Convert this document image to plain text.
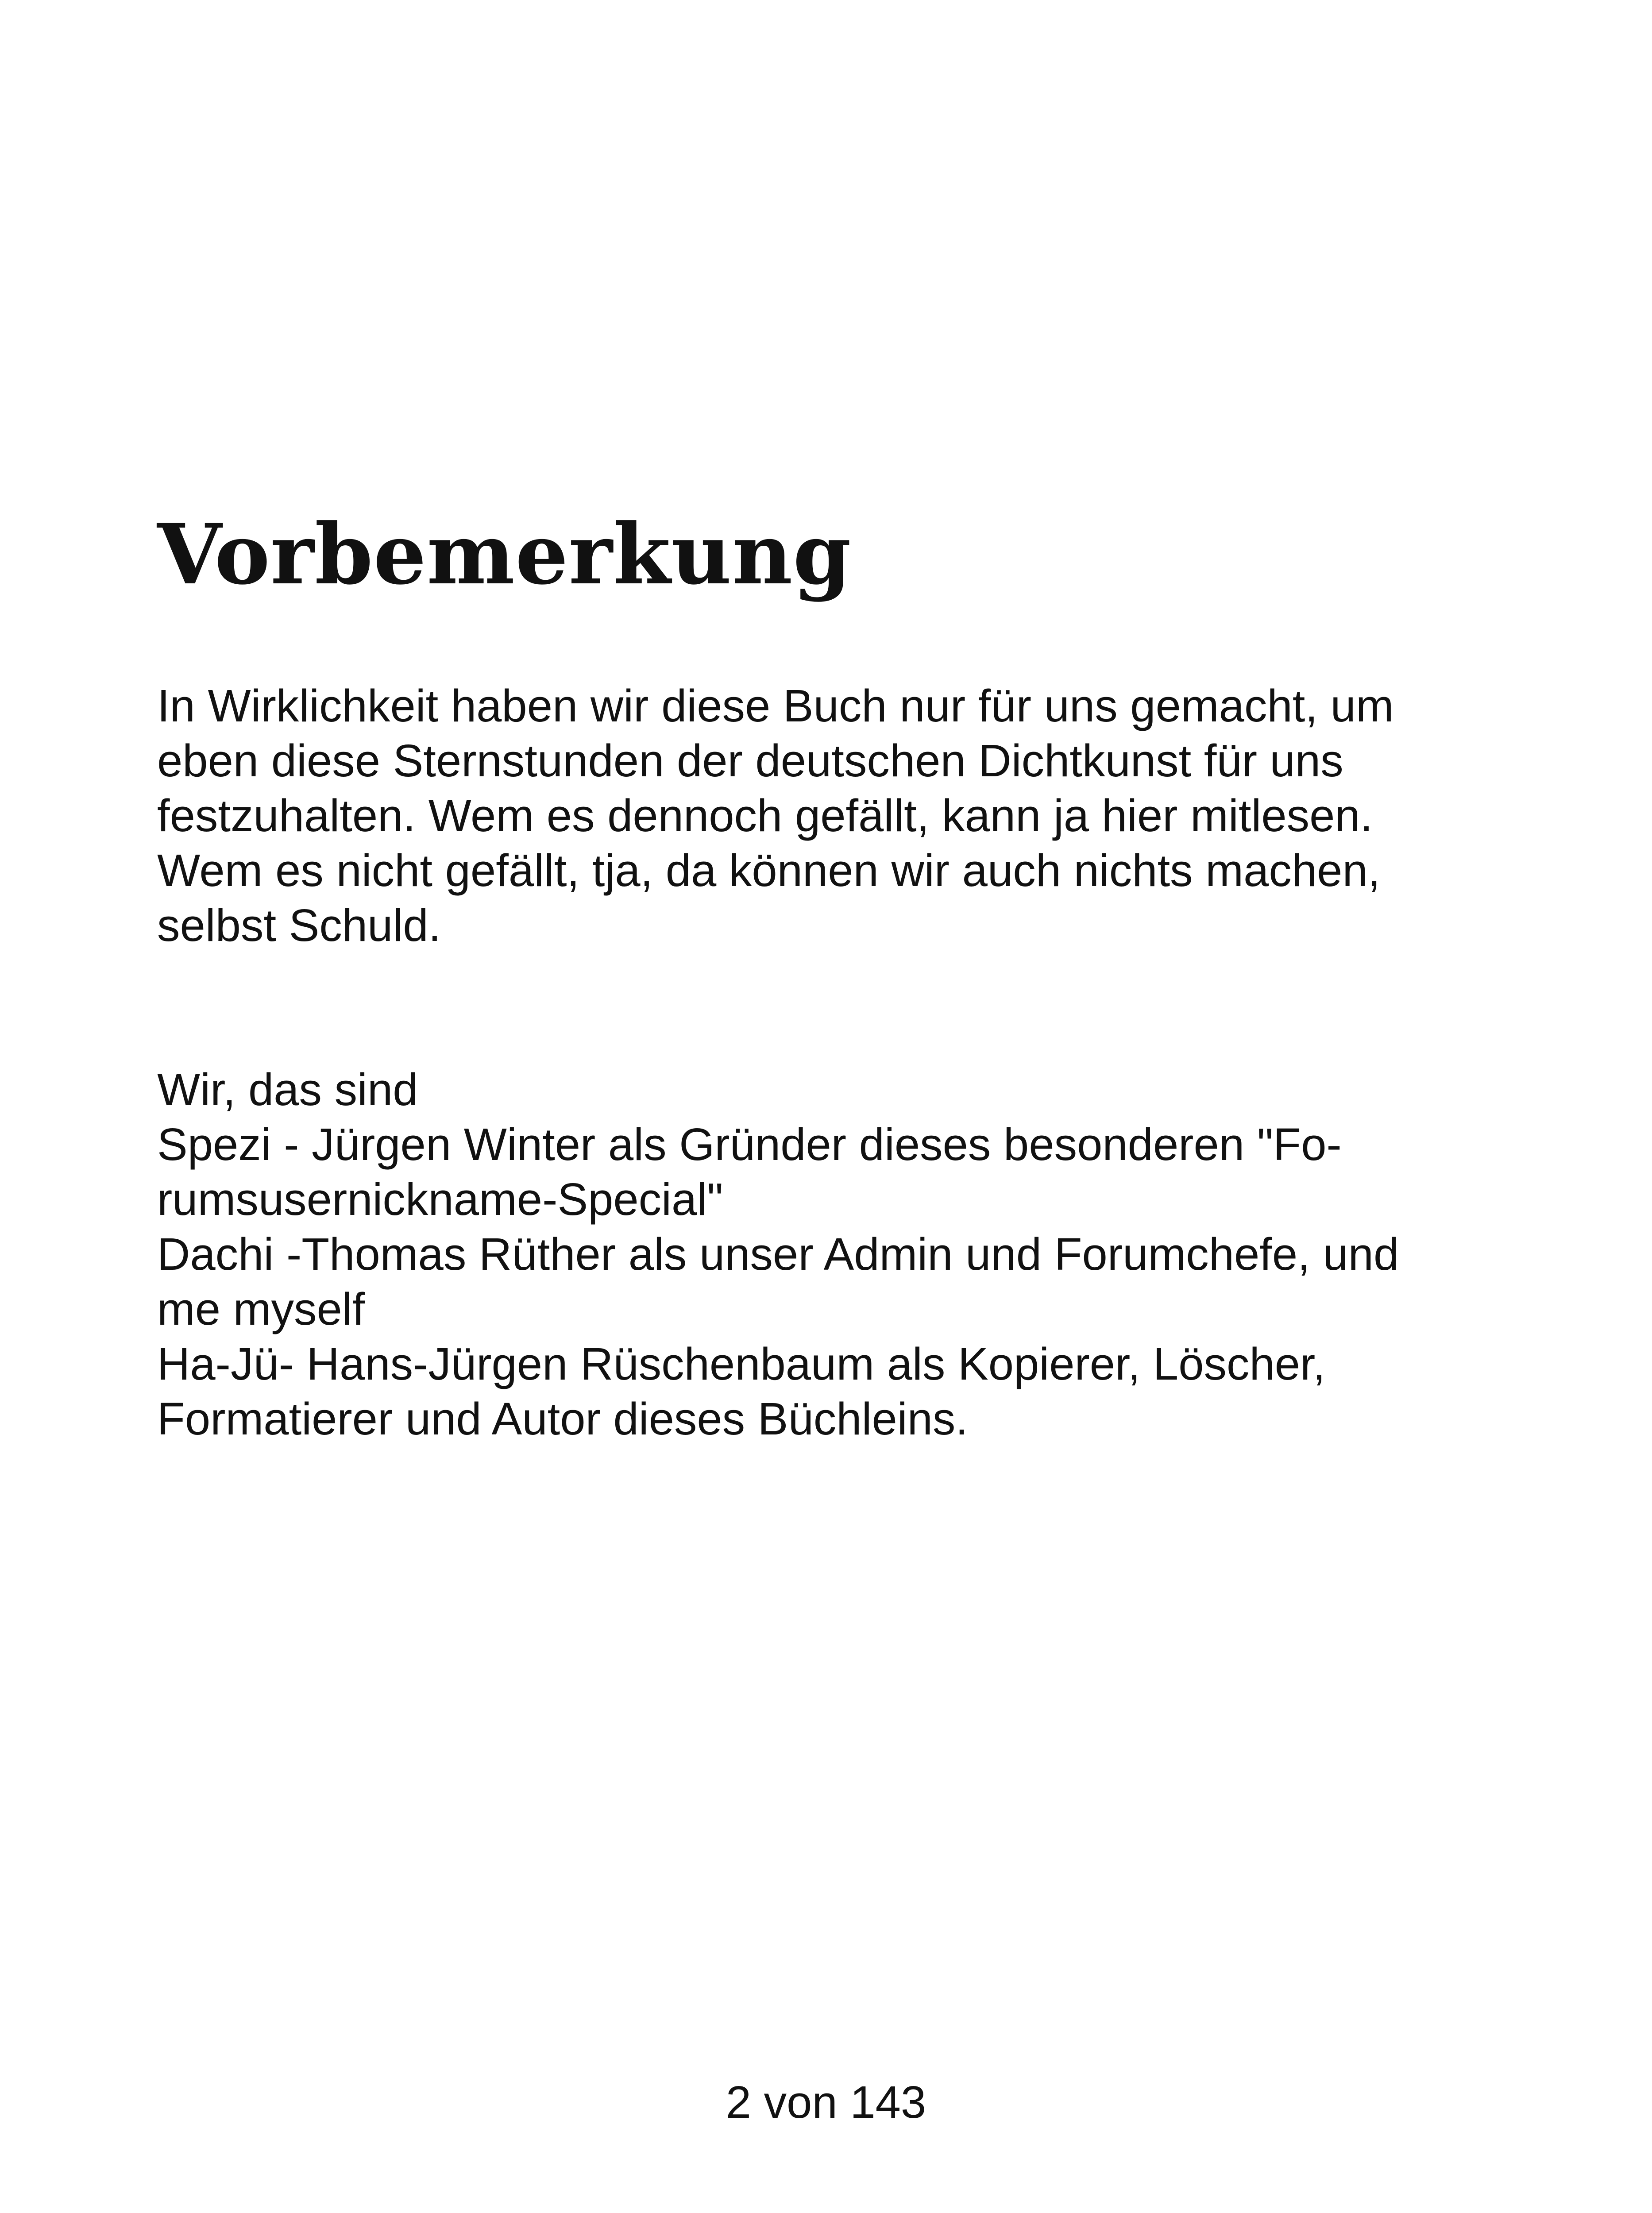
Vorbemerkung
In Wirklichkeit haben wir diese Buch nur für uns gemacht, um
eben diese Sternstunden der deutschen Dichtkunst für uns
festzuhalten. Wem es dennoch gefällt, kann ja hier mitlesen.
Wem es nicht gefällt, tja, da können wir auch nichts machen,
selbst Schuld.
Wir, das sind
Spezi - Jürgen Winter als Gründer dieses besonderen "Fo-
rumsusernickname-Special"
Dachi -Thomas Rüther als unser Admin und Forumchefe, und
me myself
Ha-Jü- Hans-Jürgen Rüschenbaum als Kopierer, Löscher,
Formatierer und Autor dieses Büchleins.
2 von 143
